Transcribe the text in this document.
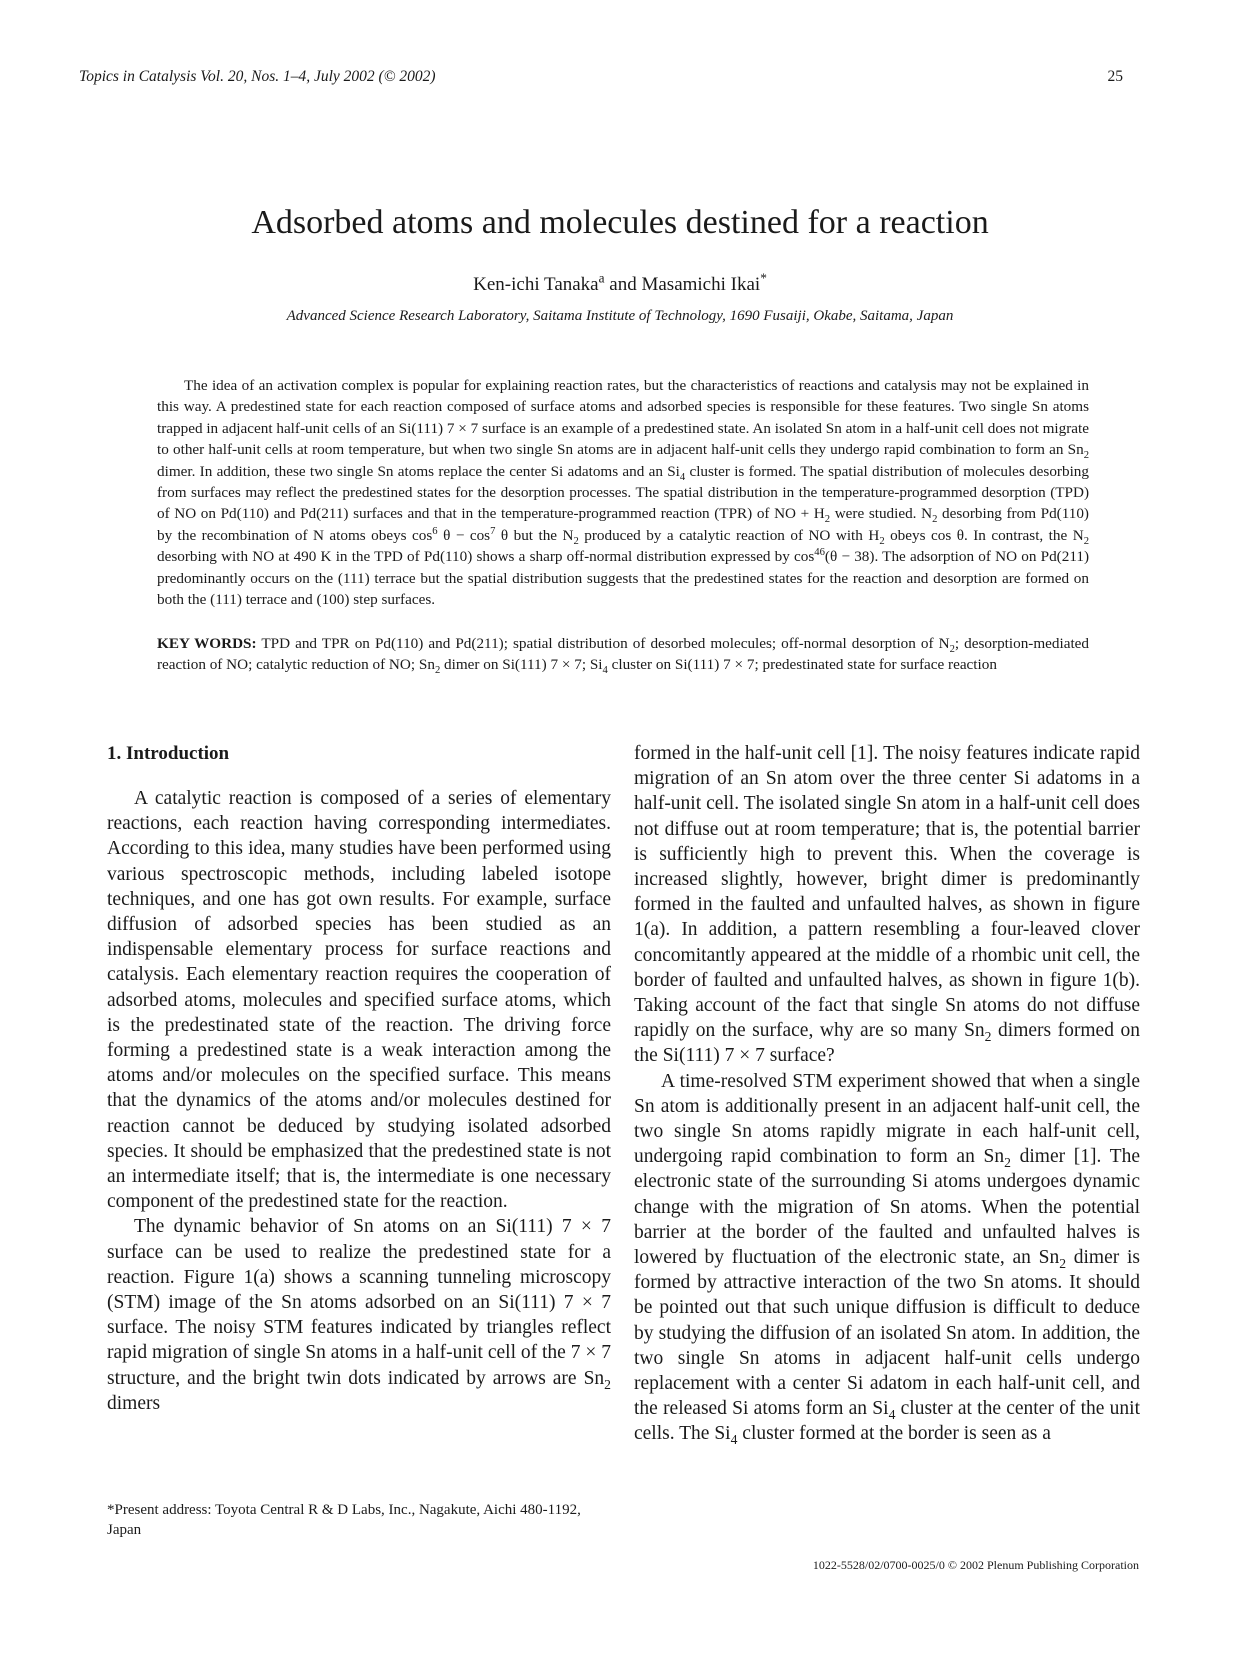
Topics in Catalysis Vol. 20, Nos. 1–4, July 2002 (© 2002)	25
Adsorbed atoms and molecules destined for a reaction
Ken-ichi Tanaka$^a$ and Masamichi Ikai*
Advanced Science Research Laboratory, Saitama Institute of Technology, 1690 Fusaiji, Okabe, Saitama, Japan
The idea of an activation complex is popular for explaining reaction rates, but the characteristics of reactions and catalysis may not be explained in this way. A predestined state for each reaction composed of surface atoms and adsorbed species is responsible for these features. Two single Sn atoms trapped in adjacent half-unit cells of an Si(111) 7 × 7 surface is an example of a predestined state. An isolated Sn atom in a half-unit cell does not migrate to other half-unit cells at room temperature, but when two single Sn atoms are in adjacent half-unit cells they undergo rapid combination to form an $Sn_2$ dimer. In addition, these two single Sn atoms replace the center Si adatoms and an $Si_4$ cluster is formed. The spatial distribution of molecules desorbing from surfaces may reflect the predestined states for the desorption processes. The spatial distribution in the temperature-programmed desorption (TPD) of NO on Pd(110) and Pd(211) surfaces and that in the temperature-programmed reaction (TPR) of NO + $H_2$ were studied. $N_2$ desorbing from Pd(110) by the recombination of N atoms obeys $\cos^6 \theta - \cos^7 \theta$ but the $N_2$ produced by a catalytic reaction of NO with $H_2$ obeys cos θ. In contrast, the $N_2$ desorbing with NO at 490 K in the TPD of Pd(110) shows a sharp off-normal distribution expressed by $\cos^{46}(\theta - 38)$. The adsorption of NO on Pd(211) predominantly occurs on the (111) terrace but the spatial distribution suggests that the predestined states for the reaction and desorption are formed on both the (111) terrace and (100) step surfaces.
KEY WORDS: TPD and TPR on Pd(110) and Pd(211); spatial distribution of desorbed molecules; off-normal desorption of $N_2$; desorption-mediated reaction of NO; catalytic reduction of NO; $Sn_2$ dimer on Si(111) 7 × 7; $Si_4$ cluster on Si(111) 7 × 7; predestinated state for surface reaction

1. Introduction

A catalytic reaction is composed of a series of elementary reactions, each reaction having corresponding intermediates. According to this idea, many studies have been performed using various spectroscopic methods, including labeled isotope techniques, and one has got own results. For example, surface diffusion of adsorbed species has been studied as an indispensable elementary process for surface reactions and catalysis. Each elementary reaction requires the cooperation of adsorbed atoms, molecules and specified surface atoms, which is the predestinated state of the reaction. The driving force forming a predestined state is a weak interaction among the atoms and/or molecules on the specified surface. This means that the dynamics of the atoms and/or molecules destined for reaction cannot be deduced by studying isolated adsorbed species. It should be emphasized that the predestined state is not an intermediate itself; that is, the intermediate is one necessary component of the predestined state for the reaction.

The dynamic behavior of Sn atoms on an Si(111) 7 × 7 surface can be used to realize the predestined state for a reaction. Figure 1(a) shows a scanning tunneling microscopy (STM) image of the Sn atoms adsorbed on an Si(111) 7 × 7 surface. The noisy STM features indicated by triangles reflect rapid migration of single Sn atoms in a half-unit cell of the 7 × 7 structure, and the bright twin dots indicated by arrows are $Sn_2$ dimers

formed in the half-unit cell [1]. The noisy features indicate rapid migration of an Sn atom over the three center Si adatoms in a half-unit cell. The isolated single Sn atom in a half-unit cell does not diffuse out at room temperature; that is, the potential barrier is sufficiently high to prevent this. When the coverage is increased slightly, however, bright dimer is predominantly formed in the faulted and unfaulted halves, as shown in figure 1(a). In addition, a pattern resembling a four-leaved clover concomitantly appeared at the middle of a rhombic unit cell, the border of faulted and unfaulted halves, as shown in figure 1(b). Taking account of the fact that single Sn atoms do not diffuse rapidly on the surface, why are so many $Sn_2$ dimers formed on the Si(111) 7 × 7 surface?

A time-resolved STM experiment showed that when a single Sn atom is additionally present in an adjacent half-unit cell, the two single Sn atoms rapidly migrate in each half-unit cell, undergoing rapid combination to form an $Sn_2$ dimer [1]. The electronic state of the surrounding Si atoms undergoes dynamic change with the migration of Sn atoms. When the potential barrier at the border of the faulted and unfaulted halves is lowered by fluctuation of the electronic state, an $Sn_2$ dimer is formed by attractive interaction of the two Sn atoms. It should be pointed out that such unique diffusion is difficult to deduce by studying the diffusion of an isolated Sn atom. In addition, the two single Sn atoms in adjacent half-unit cells undergo replacement with a center Si adatom in each half-unit cell, and the released Si atoms form an $Si_4$ cluster at the center of the unit cells. The $Si_4$ cluster formed at the border is seen as a

*Present address: Toyota Central R & D Labs, Inc., Nagakute, Aichi 480-1192, Japan
1022-5528/02/0700-0025/0 © 2002 Plenum Publishing Corporation
